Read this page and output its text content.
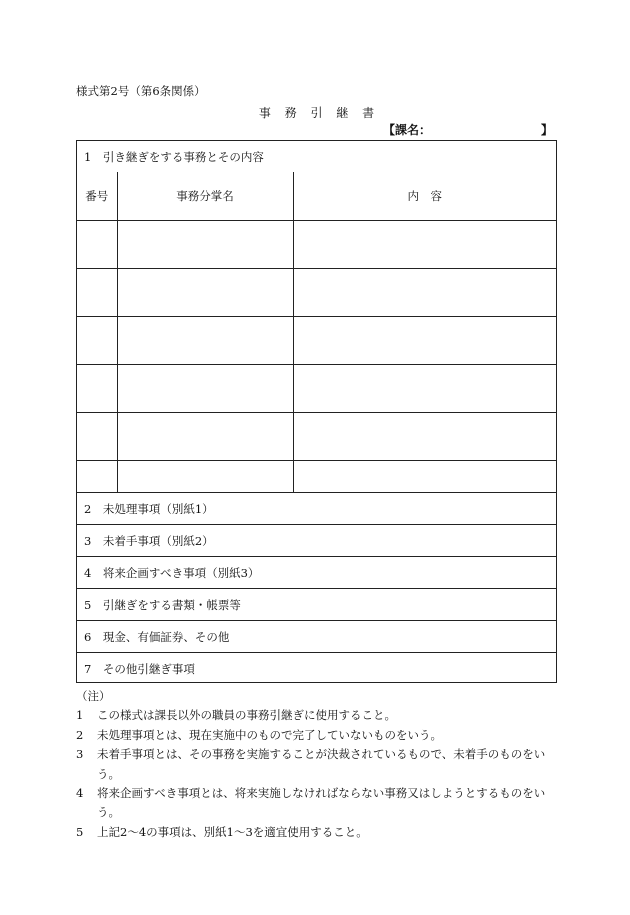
様式第2号（第6条関係）
事 務 引 継 書
【課名：	】
1　引き継ぎをする事務とその内容
番号	事務分掌名	内　容

2　未処理事項（別紙1）
3　未着手事項（別紙2）
4　将来企画すべき事項（別紙3）
5　引継ぎをする書類・帳票等
6　現金、有価証券、その他
7　その他引継ぎ事項
（注）
1	この様式は課長以外の職員の事務引継ぎに使用すること。
2	未処理事項とは、現在実施中のもので完了していないものをいう。
3	未着手事項とは、その事務を実施することが決裁されているもので、未着手のものをいう。
4	将来企画すべき事項とは、将来実施しなければならない事務又はしようとするものをいう。
5	上記2～4の事項は、別紙1～3を適宜使用すること。
